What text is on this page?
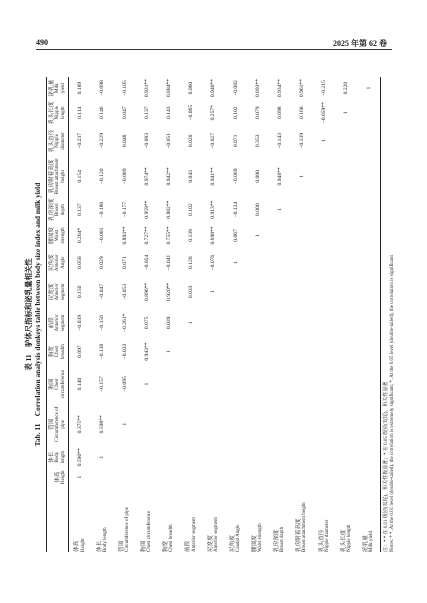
490	2025 年第 62 卷
表 11　驴体尺指标和泌乳量相关性 Tab. 11　Correlation analysis donkeys table between body size index and milk yield

	体高 Height	体长 Body length	管围 Circumference of pipe	胸围 Chest circumference	胸宽 Chest breadth	前段 Anterior segment	尻宽度 Anterior segment	尻角度 Anterior Angle	腰围度 Waist strength	乳房深度 Breast depth	乳房附着高度 Breast attachment height	乳头直径 Nipple diameter	乳头长度 Nipple length	泌乳量 Milk yield

体高 Height	1	0.590**	0.375**	0.140	0.097	−0.039	0.150	0.058	0.264*	0.137	0.154	−0.237	0.114	0.189

体长 Body length		1	0.598**	−0.157	−0.130	−0.156	−0.047	0.029	−0.081	−0.180	−0.120	−0.229	0.146	−0.098

管围 Circumference of pipe			1	−0.095	−0.033	−0.261*	−0.053	0.071	0.893**	−0.177	−0.089	0.048	0.047	−0.105

胸围 Chest circumference				1	0.943**	0.075	0.896**	−0.054	0.727**	0.959**	0.974**	−0.083	0.137	0.931**

胸宽 Chest breadth					1	0.039	0.920**	−0.041	0.755**	0.882**	0.942**	−0.051	0.143	0.884**

前段 Anterior segment						1	0.033	0.128	0.139	0.102	0.043	0.020	−0.065	0.060

尻宽度 Anterior segment							1	−0.076	0.698**	0.913**	0.941**	−0.027	0.257*	0.940**

尻角度 Caudal Angle								1	0.067	−0.124	−0.069	0.071	0.102	−0.082

腰围度 Waist strength									1	0.000	0.000	0.353	0.079	0.893**

乳房深度 Breast depth										1	0.948**	−0.143	0.098	0.934**

乳房附着高度 Breast attachment height											1	−0.139	0.168	0.961**

乳头直径 Nipple diameter												1	−0.659**	−0.215

乳头长度 Nipple length													1	0.220

泌乳量 Milk yield														1
注：* * 在 0.01 级别(双尾)，相关性极显著；* 在 0.05 级别(双尾)，相关性显著 Notes: * *. At the 0.01 level (double-tailed), the correlation is extremely significant; *. At the 0.05 level (double-tailed), the correlation is significant
